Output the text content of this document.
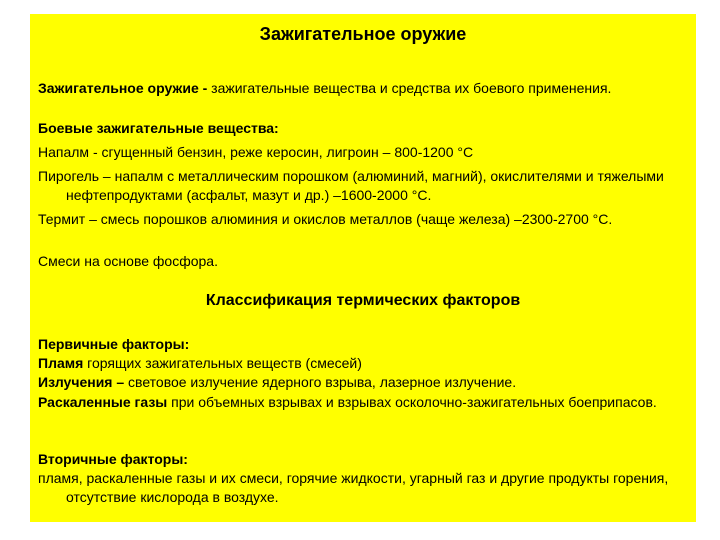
Зажигательное оружие
Зажигательное оружие - зажигательные вещества и средства их боевого применения.
Боевые зажигательные вещества:
Напалм - сгущенный бензин, реже керосин, лигроин – 800-1200 °С
Пирогель – напалм с металлическим порошком (алюминий, магний), окислителями и тяжелыми нефтепродуктами (асфальт, мазут и др.) –1600-2000 °С.
Термит – смесь порошков алюминия и окислов металлов (чаще железа) –2300-2700 °С.
Смеси на основе фосфора.
Классификация термических факторов
Первичные факторы:
Пламя горящих зажигательных веществ (смесей)
Излучения – световое излучение ядерного взрыва, лазерное излучение.
Раскаленные газы при объемных взрывах и взрывах осколочно-зажигательных боеприпасов.
Вторичные факторы:
пламя, раскаленные газы и их смеси, горячие жидкости, угарный газ и другие продукты горения, отсутствие кислорода в воздухе.
